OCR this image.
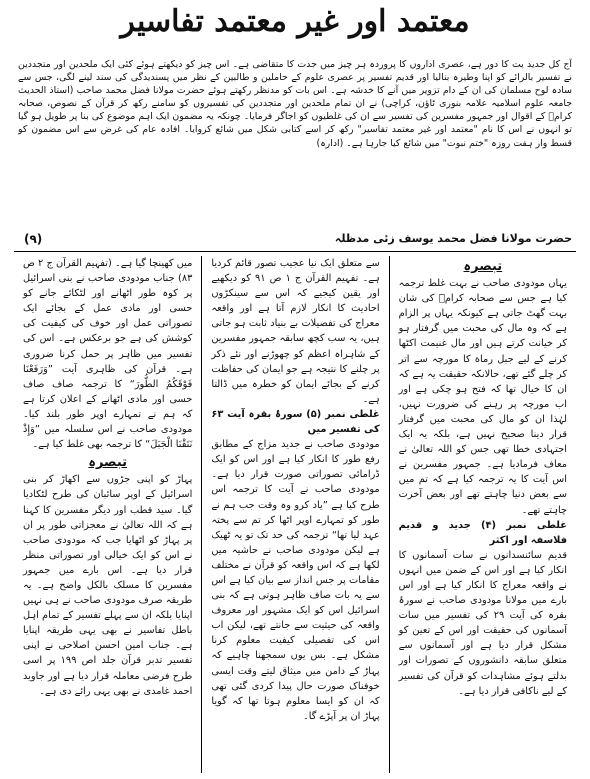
معتمد اور غیر معتمد تفاسیر
آج کل جدید یت کا دور ہے، عصری اداروں کا پروردہ ہر چیز میں جدت کا متقاضی ہے۔ اس چیز کو دیکھتے ہوئے کئی ایک ملحدین اور متجددین نے تفسیر بالرائے کو اپنا وطیرہ بنالیا اور قدیم تفسیر پر عصری علوم کے حاملین و طالبین کے نظر میں پسندیدگی کی سند لینے لگی، جس سے سادہ لوح مسلمان کی ان کے دام تزویر میں آنے کا خدشہ ہے۔ اس بات کو مدنظر رکھتے ہوئے حضرت مولانا فضل محمد صاحب (استاذ الحدیث جامعہ علوم اسلامیہ علامہ بنوری ٹاؤن، کراچی) نے ان تمام ملحدین اور متجددین کی تفسیروں کو سامنے رکھ کر قرآن کے نصوص، صحابہ کرامؓ کے اقوال اور جمہور مفسرین کی تفسیر سے ان کی غلطیوں کو اجاگر فرمایا۔ چونکہ یہ مضمون ایک اہم موضوع کی بنا پر طویل ہو گیا تو انہوں نے اس کا نام "معتمد اور غیر معتمد تفاسیر" رکھ کر اسے کتابی شکل میں شائع کروایا۔ افادہ عام کی غرض سے اس مضمون کو قسط وار ہفت روزہ "ختم نبوت" میں شائع کیا جارہا ہے۔ (ادارہ)
حضرت مولانا فضل محمد یوسف زئی مدظلہ
(۹)
تبصرہ

یہاں مودودی صاحب نے بہت غلط ترجمہ کیا ہے جس سے صحابہ کرامؓ کی شان بہت گھٹ جاتی ہے کیونکہ یہاں پر الزام ہے کہ وہ مال کی محبت میں گرفتار ہو کر خیانت کرتے ہیں اور مال غنیمت اکٹھا کرنے کے لیے جبل رماة کا مورچہ سے اتر کر چلے گئے تھے، حالانکہ حقیقت یہ ہے کہ ان کا خیال تھا کہ فتح ہو چکی ہے اور اب مورچہ پر رہنے کی ضرورت نہیں، لہٰذا ان کو مال کی محبت میں گرفتار قرار دینا صحیح نہیں ہے، بلکہ یہ ایک اجتہادی خطا تھی جس کو اللہ تعالیٰ نے معاف فرمادیا ہے۔ جمہور مفسرین نے اس آیت کا یہ ترجمہ کیا ہے کہ تم میں سے بعض دنیا چاہتے تھے اور بعض آخرت چاہتے تھے۔

غلطی نمبر (۴) جدید و قدیم فلاسفہ اور اکثر

قدیم سائنسدانوں نے سات آسمانوں کا انکار کیا ہے اور اس کے ضمن میں انہوں نے واقعہ معراج کا انکار کیا ہے اور اس بارے میں مولانا مودودی صاحب نے سورۂ بقرہ کی آیت ۲۹ کی تفسیر میں سات آسمانوں کی حقیقت اور اس کے تعین کو مشکل قرار دیا ہے اور آسمانوں سے متعلق سابقہ دانشوروں کے تصورات اور بدلتے ہوئے مشاہدات کو قرآن کی تفسیر کے لیے ناکافی قرار دیا ہے۔

سے متعلق ایک نیا عجیب تصور قائم کردیا ہے۔ تفہیم القرآن ج ۱ ص ۹۱ کو دیکھیے اور یقین کیجیے کہ اس سے سینکڑوں احادیث کا انکار لازم آتا ہے اور واقعہ معراج کی تفصیلات بے بنیاد ثابت ہو جاتی ہیں، یہ سب کچھ سابقہ جمہور مفسرین کے شاہراہ اعظم کو چھوڑنے اور نئے ذکر پر چلنے کا نتیجہ ہے جو ایمان کی حفاظت کرنے کے بجائے ایمان کو خطرہ میں ڈالتا ہے۔

غلطی نمبر (۵) سورۂ بقرہ آیت ۶۳ کی تفسیر میں

مودودی صاحب نے جدید مزاج کے مطابق رفع طور کا انکار کیا ہے اور اس کو ایک ڈرامائی تصوراتی صورت قرار دیا ہے۔ مودودی صاحب نے آیت کا ترجمہ اس طرح کیا ہے ”یاد کرو وہ وقت جب ہم نے طور کو تمہارے اوپر اٹھا کر تم سے پختہ عہد لیا تھا“ ترجمہ کی حد تک تو یہ ٹھیک ہے لیکن مودودی صاحب نے حاشیہ میں لکھا ہے کہ اس واقعہ کو قرآن نے مختلف مقامات پر جس انداز سے بیان کیا ہے اس سے یہ بات صاف ظاہر ہوتی ہے کہ بنی اسرائیل اس کو ایک مشہور اور معروف واقعہ کی حیثیت سے جانتے تھے، لیکن اب اس کی تفصیلی کیفیت معلوم کرنا مشکل ہے۔ بس یوں سمجھنا چاہیے کہ پہاڑ کے دامن میں میثاق لیتے وقت ایسی خوفناک صورت حال پیدا کردی گئی تھی کہ ان کو ایسا معلوم ہوتا تھا کہ گویا پہاڑ ان پر آپڑے گا۔

میں کھینچا گیا ہے۔ (تفہیم القرآن ج ۲ ص ۸۳) جناب مودودی صاحب نے بنی اسرائیل پر کوہ طور اٹھانے اور لٹکائے جانے کو حسی اور مادی عمل کے بجائے ایک تصوراتی عمل اور خوف کی کیفیت کی کوشش کی ہے جو برعکس ہے۔ اس کی تفسیر میں ظاہر پر حمل کرنا ضروری ہے۔ قرآن کی ظاہری آیت ”وَرَفَعْنَا فَوْقَكُمُ الطُّورَ“ کا ترجمہ صاف صاف حسی اور مادی اٹھانے کے اعلان کرتا ہے کہ ہم نے تمہارے اوپر طور بلند کیا۔ مودودی صاحب نے اس سلسلہ میں ”وَإِذْ نَتَقْنَا الْجَبَلَ“ کا ترجمہ بھی غلط کیا ہے۔

تبصرہ

پہاڑ کو اپنی جڑوں سے اکھاڑ کر بنی اسرائیل کے اوپر سائبان کی طرح لٹکادیا گیا۔ سید قطب اور دیگر مفسرین کا کہنا ہے کہ اللہ تعالیٰ نے معجزاتی طور پر ان پر پہاڑ کو اٹھایا جب کہ مودودی صاحب نے اس کو ایک خیالی اور تصوراتی منظر قرار دیا ہے۔ اس بارے میں جمہور مفسرین کا مسلک بالکل واضح ہے۔ یہ طریقہ صرف مودودی صاحب نے ہی نہیں اپنایا بلکہ ان سے پہلے تفسیر کے تمام اہل باطل تفاسیر نے بھی یہی طریقہ اپنایا ہے۔ جناب امین احسن اصلاحی نے اپنی تفسیر تدبر قرآن جلد اص ۱۹۹ پر اسی طرح فرضی معاملہ قرار دیا ہے اور جاوید احمد غامدی نے بھی یہی رائے دی ہے۔
